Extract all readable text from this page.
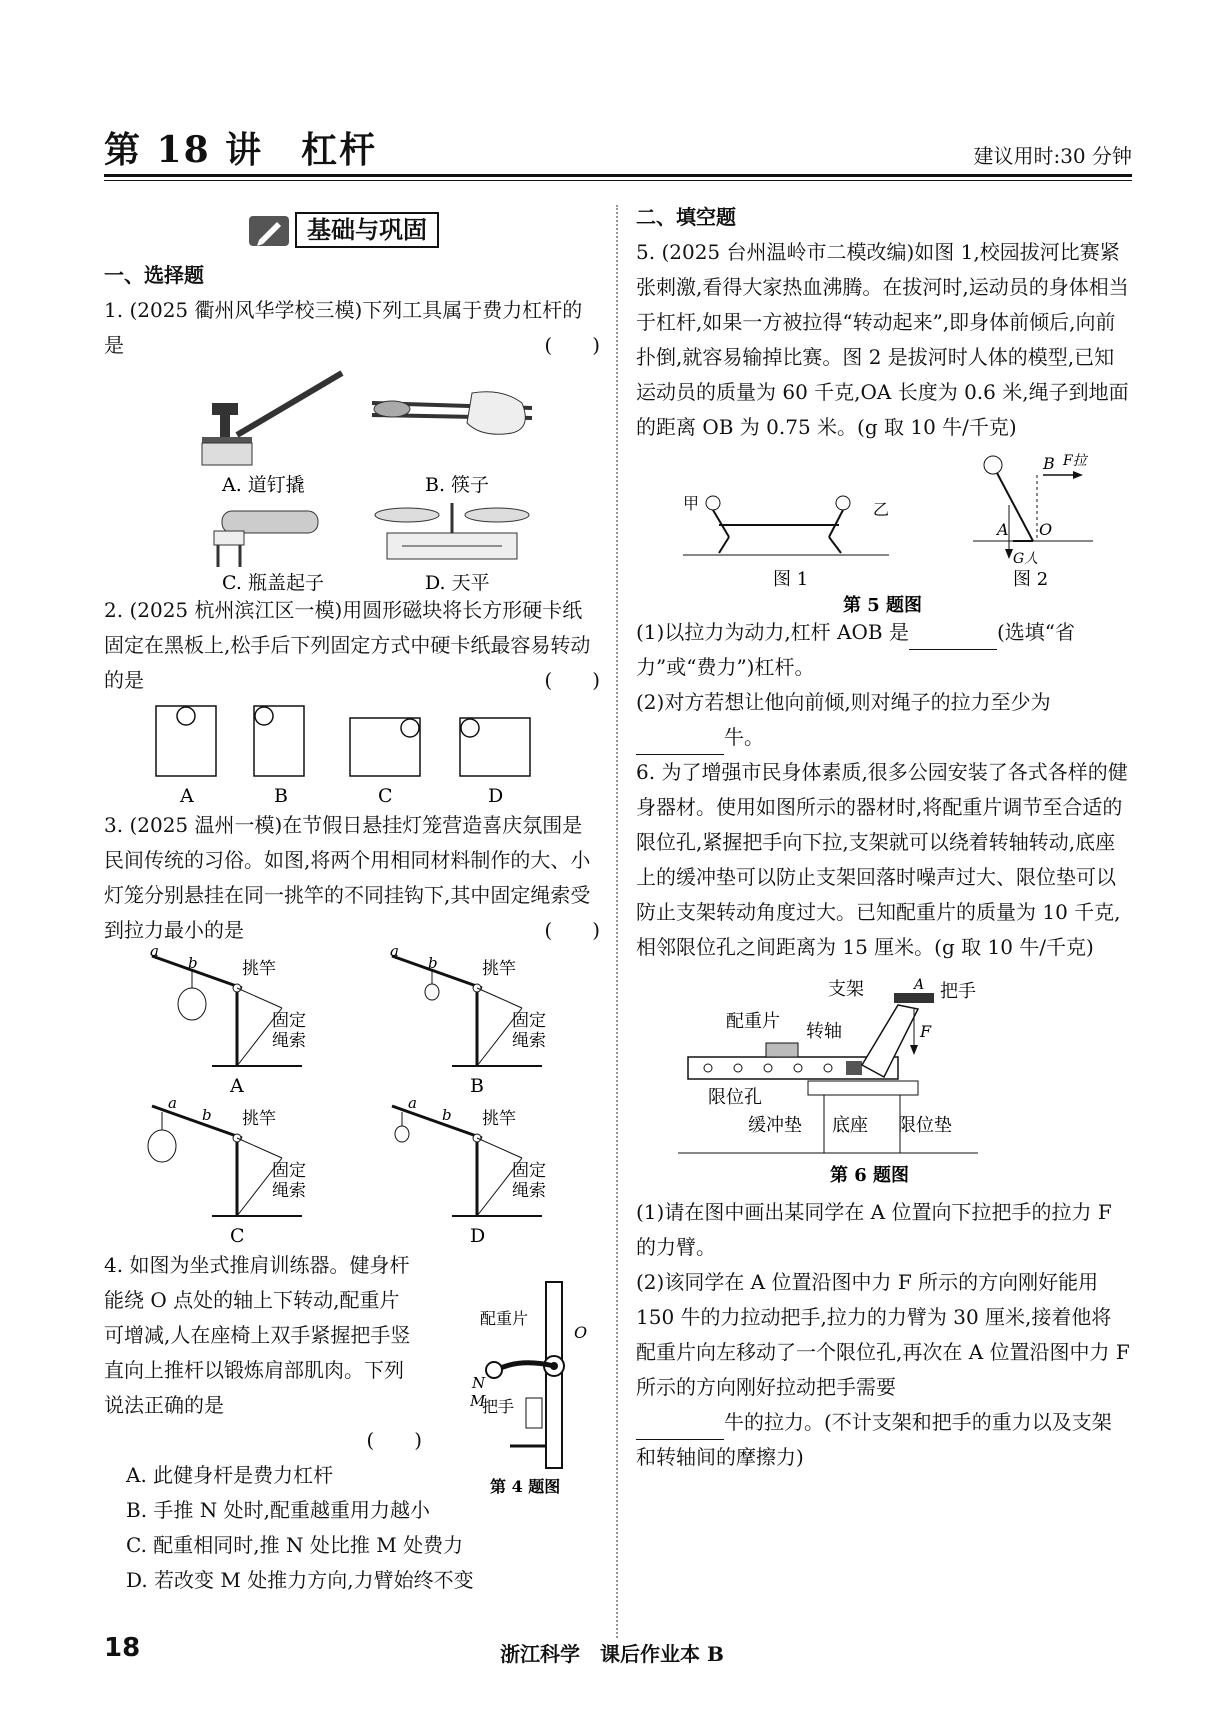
第 18 讲　杠杆	建议用时:30 分钟
基础与巩固

一、选择题

1. (2025 衢州风华学校三模)下列工具属于费力杠杆的是	(　　)

A. 道钉撬	B. 筷子
C. 瓶盖起子	D. 天平

2. (2025 杭州滨江区一模)用圆形磁块将长方形硬卡纸固定在黑板上,松手后下列固定方式中硬卡纸最容易转动的是	(　　)

A	B	C	D

3. (2025 温州一模)在节假日悬挂灯笼营造喜庆氛围是民间传统的习俗。如图,将两个用相同材料制作的大、小灯笼分别悬挂在同一挑竿的不同挂钩下,其中固定绳索受到拉力最小的是	(　　)

a
b	挑竿
固定
绳索
A
a
b	挑竿
固定
绳索
B
a
b 挑竿
固定
绳索
C
a
b 挑竿
固定
绳索
D

4. 如图为坐式推肩训练器。健身杆能绕 O 点处的轴上下转动,配重片可增减,人在座椅上双手紧握把手竖直向上推杆以锻炼肩部肌肉。下列说法正确的是

配重片
O
N
M
把手
第 4 题图

(　　)

A. 此健身杆是费力杠杆

B. 手推 N 处时,配重越重用力越小

C. 配重相同时,推 N 处比推 M 处费力

D. 若改变 M 处推力方向,力臂始终不变

二、填空题

5. (2025 台州温岭市二模改编)如图 1,校园拔河比赛紧张刺激,看得大家热血沸腾。在拔河时,运动员的身体相当于杠杆,如果一方被拉得“转动起来”,即身体前倾后,向前扑倒,就容易输掉比赛。图 2 是拔河时人体的模型,已知运动员的质量为 60 千克,OA 长度为 0.6 米,绳子到地面的距离 OB 为 0.75 米。(g 取 10 牛/千克)

甲	乙
图 1
B F拉
A
G人
O
图 2
第 5 题图

(1)以拉力为动力,杠杆 AOB 是	(选填“省力”或“费力”)杠杆。

(2)对方若想让他向前倾,则对绳子的拉力至少为
牛。

6. 为了增强市民身体素质,很多公园安装了各式各样的健身器材。使用如图所示的器材时,将配重片调节至合适的限位孔,紧握把手向下拉,支架就可以绕着转轴转动,底座上的缓冲垫可以防止支架回落时噪声过大、限位垫可以防止支架转动角度过大。已知配重片的质量为 10 千克,相邻限位孔之间距离为 15 厘米。(g 取 10 牛/千克)

A 把手
支架
F
配重片 转轴
限位孔
缓冲垫 底座 限位垫
第 6 题图

(1)请在图中画出某同学在 A 位置向下拉把手的拉力 F 的力臂。

(2)该同学在 A 位置沿图中力 F 所示的方向刚好能用150 牛的力拉动把手,拉力的力臂为 30 厘米,接着他将配重片向左移动了一个限位孔,再次在 A 位置沿图中力 F 所示的方向刚好拉动把手需要
牛的拉力。(不计支架和把手的重力以及支架和转轴间的摩擦力)

18	浙江科学　课后作业本 B
